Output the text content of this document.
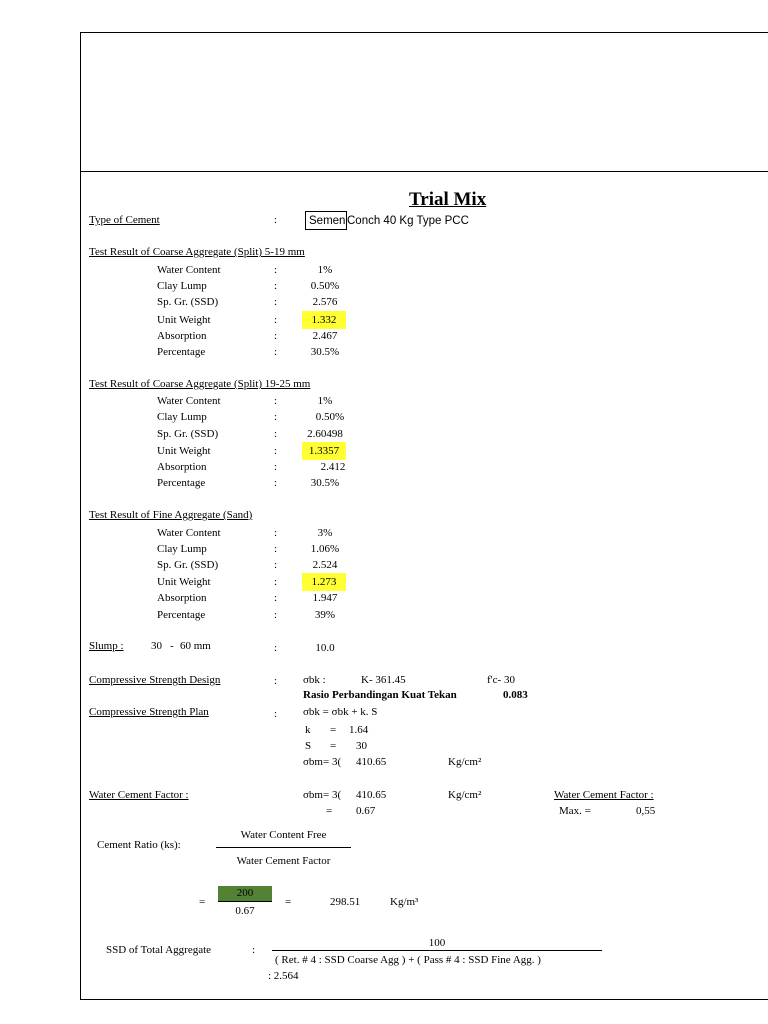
Trial Mix
Type of Cement	:	Semen Conch 40 Kg Type PCC
Test Result of Coarse Aggregate (Split) 5-19 mm
Water Content	:	1%
Clay Lump	:	0.50%
Sp. Gr. (SSD)	:	2.576
Unit Weight	:	1.332
Absorption	:	2.467
Percentage	:	30.5%
Test Result of Coarse Aggregate (Split) 19-25 mm
Water Content	:	1%
Clay Lump	:	0.50%
Sp. Gr. (SSD)	:	2.60498
Unit Weight	:	1.3357
Absorption	:	2.412
Percentage	:	30.5%
Test Result of Fine Aggregate (Sand)
Water Content	:	3%
Clay Lump	:	1.06%
Sp. Gr. (SSD)	:	2.524
Unit Weight	:	1.273
Absorption	:	1.947
Percentage	:	39%
Slump : 30 - 60 mm	:	10.0
Compressive Strength Design	: σbk :	K- 361.45	f'c- 30
Rasio Perbandingan Kuat Tekan	0.083
Compressive Strength Plan	: σbk = σbk + k. S
k = 1.64
S = 30
σbm= 3(	410.65	Kg/cm²
Water Cement Factor :	σbm= 3(	410.65	Kg/cm²	Water Cement Factor :
= 0.67	Max. =	0,55
Water Content Free
Cement Ratio (ks):
Water Cement Factor
=
200
0.67
=	298.51	Kg/m³
100
SSD of Total Aggregate	:
( Ret. # 4 : SSD Coarse Agg ) + ( Pass # 4 : SSD Fine Agg. )
: 2.564
